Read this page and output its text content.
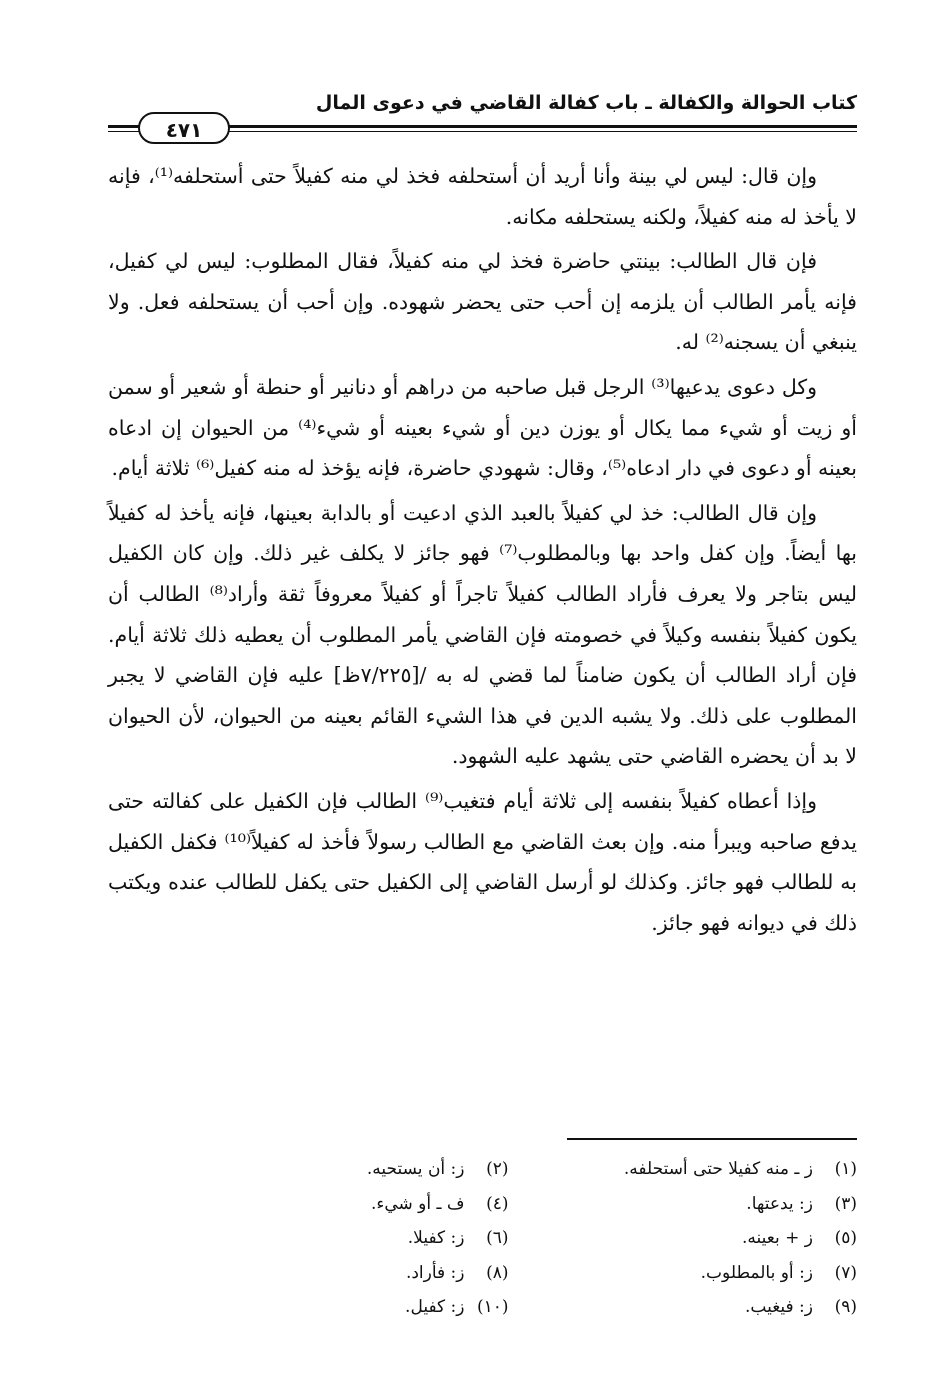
كتاب الحوالة والكفالة ـ باب كفالة القاضي في دعوى المال
٤٧١

وإن قال: ليس لي بينة وأنا أريد أن أستحلفه فخذ لي منه كفيلاً حتى أستحلفه⁽¹⁾، فإنه لا يأخذ له منه كفيلاً، ولكنه يستحلفه مكانه.

فإن قال الطالب: بينتي حاضرة فخذ لي منه كفيلاً، فقال المطلوب: ليس لي كفيل، فإنه يأمر الطالب أن يلزمه إن أحب حتى يحضر شهوده. وإن أحب أن يستحلفه فعل. ولا ينبغي أن يسجنه⁽²⁾ له.

وكل دعوى يدعيها⁽³⁾ الرجل قبل صاحبه من دراهم أو دنانير أو حنطة أو شعير أو سمن أو زيت أو شيء مما يكال أو يوزن دين أو شيء بعينه أو شيء⁽⁴⁾ من الحيوان إن ادعاه بعينه أو دعوى في دار ادعاه⁽⁵⁾، وقال: شهودي حاضرة، فإنه يؤخذ له منه كفيل⁽⁶⁾ ثلاثة أيام.

وإن قال الطالب: خذ لي كفيلاً بالعبد الذي ادعيت أو بالدابة بعينها، فإنه يأخذ له كفيلاً بها أيضاً. وإن كفل واحد بها وبالمطلوب⁽⁷⁾ فهو جائز لا يكلف غير ذلك. وإن كان الكفيل ليس بتاجر ولا يعرف فأراد الطالب كفيلاً تاجراً أو كفيلاً معروفاً ثقة وأراد⁽⁸⁾ الطالب أن يكون كفيلاً بنفسه وكيلاً في خصومته فإن القاضي يأمر المطلوب أن يعطيه ذلك ثلاثة أيام. فإن أراد الطالب أن يكون ضامناً لما قضي له به /[٧/٢٢٥ظ] عليه فإن القاضي لا يجبر المطلوب على ذلك. ولا يشبه الدين في هذا الشيء القائم بعينه من الحيوان، لأن الحيوان لا بد أن يحضره القاضي حتى يشهد عليه الشهود.

وإذا أعطاه كفيلاً بنفسه إلى ثلاثة أيام فتغيب⁽⁹⁾ الطالب فإن الكفيل على كفالته حتى يدفع صاحبه ويبرأ منه. وإن بعث القاضي مع الطالب رسولاً فأخذ له كفيلاً⁽¹⁰⁾ فكفل الكفيل به للطالب فهو جائز. وكذلك لو أرسل القاضي إلى الكفيل حتى يكفل للطالب عنده ويكتب ذلك في ديوانه فهو جائز.

(١)ز ـ منه كفيلا حتى أستحلفه.
(٢)ز: أن يستحيه.
(٣)ز: يدعتها.
(٤)ف ـ أو شيء.
(٥)ز + بعينه.
(٦)ز: كفيلا.
(٧)ز: أو بالمطلوب.
(٨)ز: فأراد.
(٩)ز: فيغيب.
(١٠)ز: كفيل.
